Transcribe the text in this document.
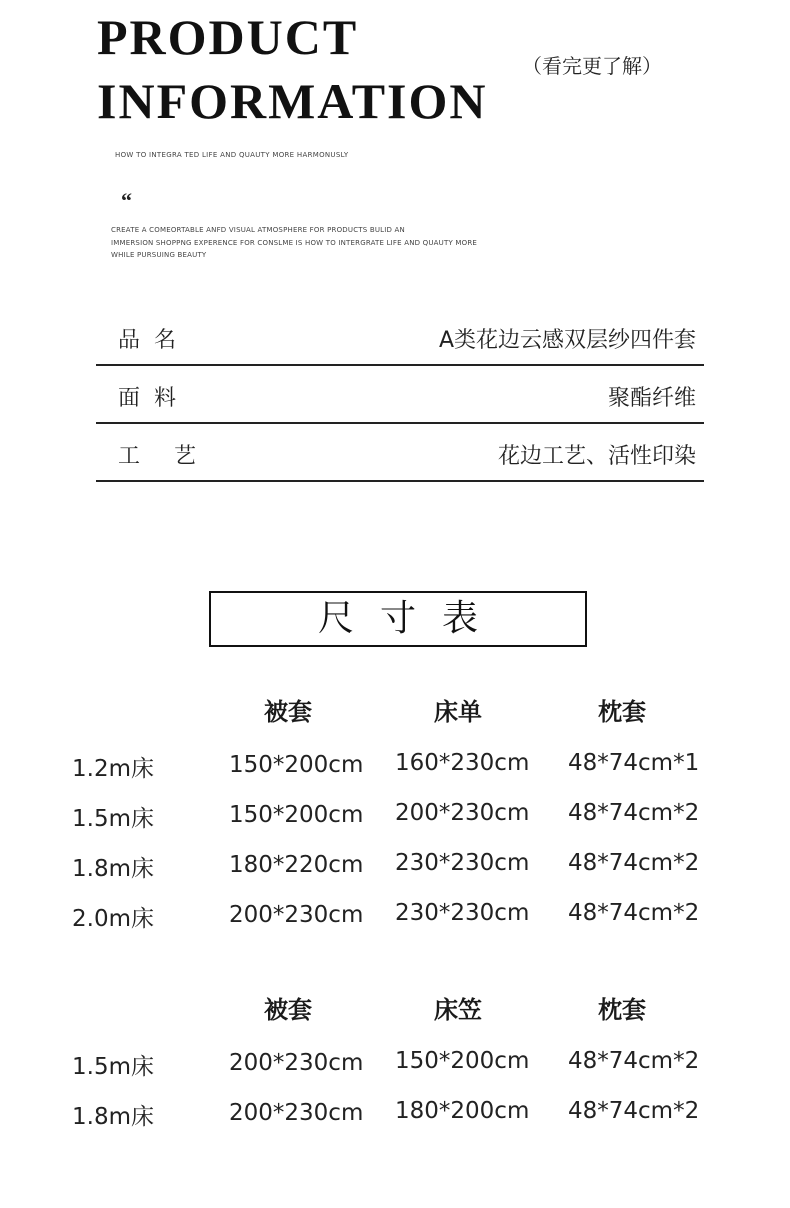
PRODUCT
INFORMATION
（看完更了解）
HOW TO INTEGRA TED LIFE AND QUAUTY MORE HARMONUSLY
“
CREATE A COMEORTABLE ANFD VISUAL ATMOSPHERE FOR PRODUCTS BULID AN
IMMERSION SHOPPNG EXPERENCE FOR CONSLME IS HOW TO INTERGRATE LIFE AND QUAUTY MORE
WHILE PURSUING BEAUTY
品名	A类花边云感双层纱四件套
面料	聚酯纤维
工艺	花边工艺、活性印染
尺寸表
被套	床单	枕套
1.2m床	150*200cm 160*230cm 48*74cm*1
1.5m床	150*200cm 200*230cm 48*74cm*2
1.8m床	180*220cm 230*230cm 48*74cm*2
2.0m床	200*230cm 230*230cm 48*74cm*2
被套	床笠	枕套
1.5m床	200*230cm 150*200cm 48*74cm*2
1.8m床	200*230cm 180*200cm 48*74cm*2
